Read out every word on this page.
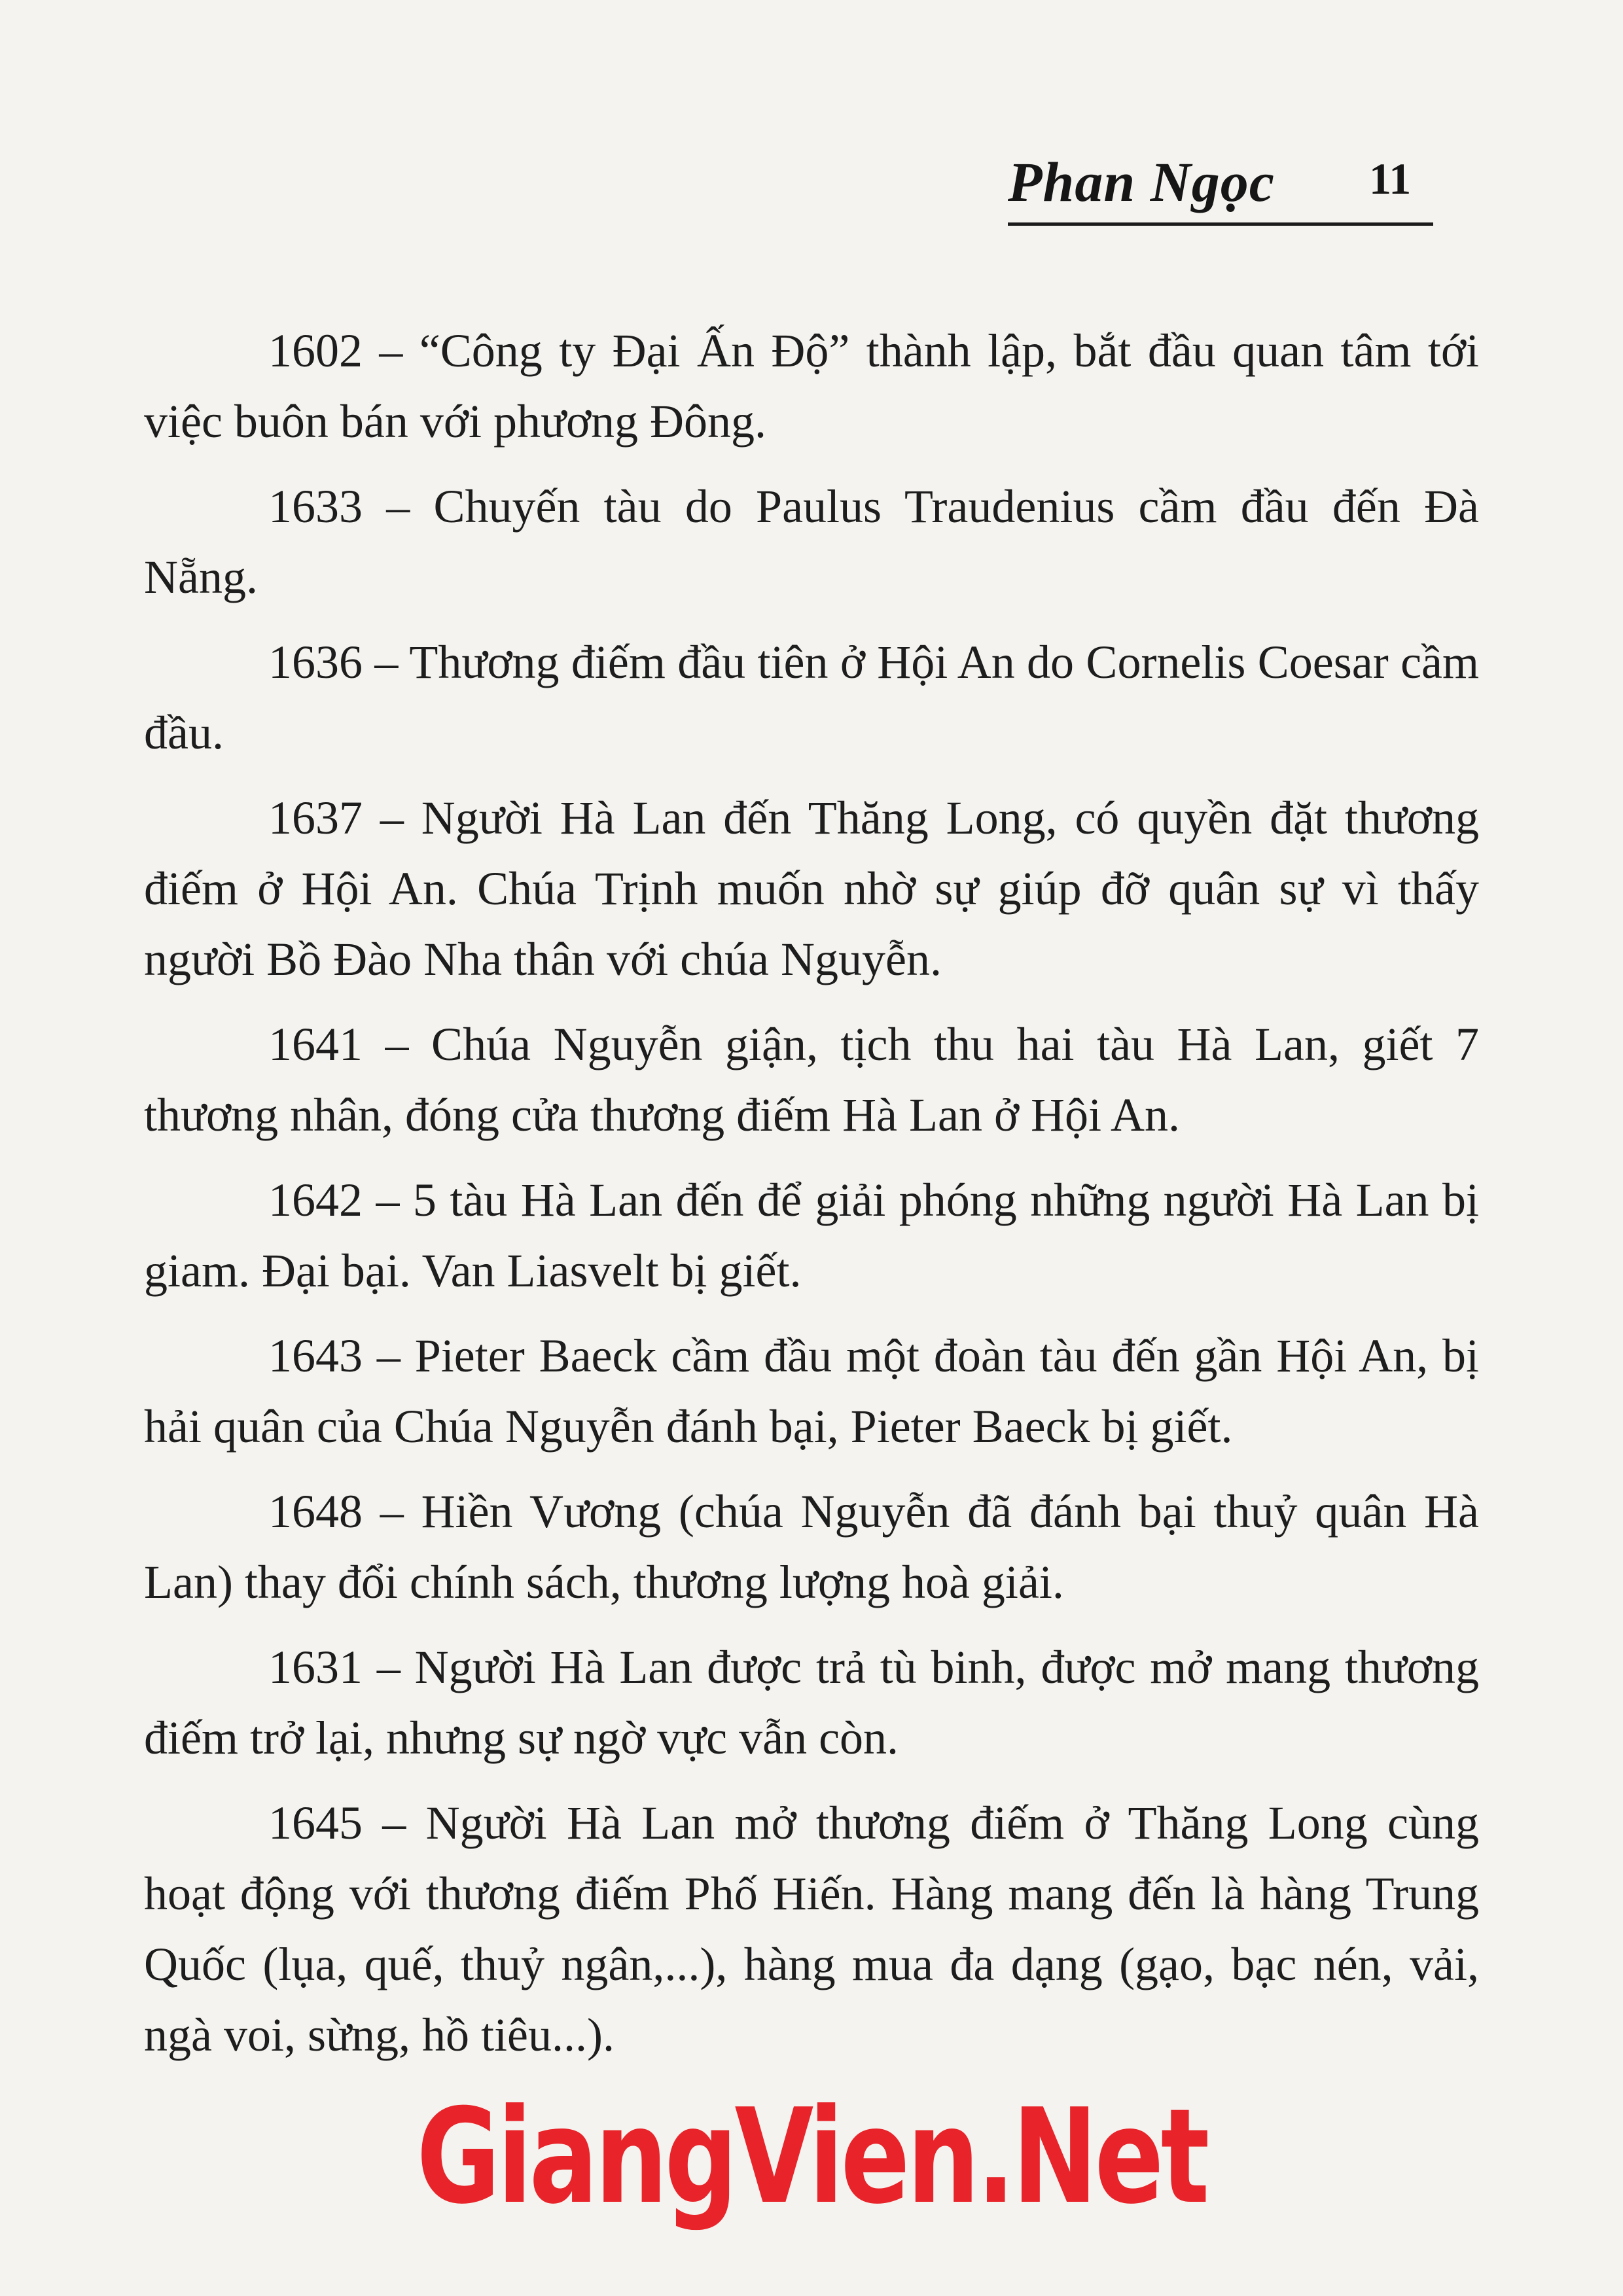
Phan Ngọc 11

1602 – “Công ty Đại Ấn Độ” thành lập, bắt đầu quan tâm tới việc buôn bán với phương Đông.

1633 – Chuyến tàu do Paulus Traudenius cầm đầu đến Đà Nẵng.

1636 – Thương điếm đầu tiên ở Hội An do Cornelis Coesar cầm đầu.

1637 – Người Hà Lan đến Thăng Long, có quyền đặt thương điếm ở Hội An. Chúa Trịnh muốn nhờ sự giúp đỡ quân sự vì thấy người Bồ Đào Nha thân với chúa Nguyễn.

1641 – Chúa Nguyễn giận, tịch thu hai tàu Hà Lan, giết 7 thương nhân, đóng cửa thương điếm Hà Lan ở Hội An.

1642 – 5 tàu Hà Lan đến để giải phóng những người Hà Lan bị giam. Đại bại. Van Liasvelt bị giết.

1643 – Pieter Baeck cầm đầu một đoàn tàu đến gần Hội An, bị hải quân của Chúa Nguyễn đánh bại, Pieter Baeck bị giết.

1648 – Hiền Vương (chúa Nguyễn đã đánh bại thuỷ quân Hà Lan) thay đổi chính sách, thương lượng hoà giải.

1631 – Người Hà Lan được trả tù binh, được mở mang thương điếm trở lại, nhưng sự ngờ vực vẫn còn.

1645 – Người Hà Lan mở thương điếm ở Thăng Long cùng hoạt động với thương điếm Phố Hiến. Hàng mang đến là hàng Trung Quốc (lụa, quế, thuỷ ngân,...), hàng mua đa dạng (gạo, bạc nén, vải, ngà voi, sừng, hồ tiêu...).

GiangVien.Net
